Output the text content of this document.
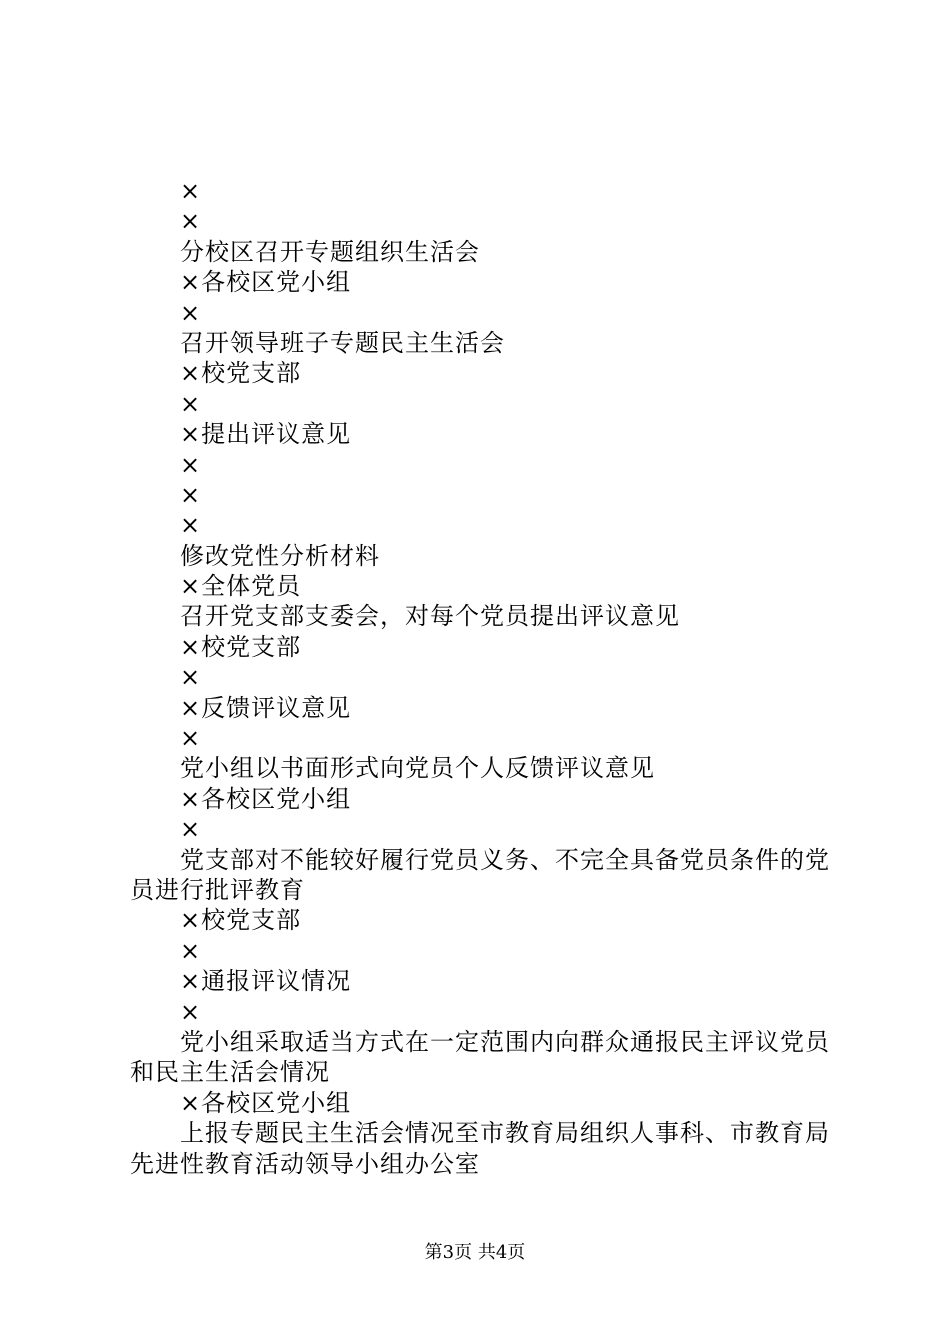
×

×

分校区召开专题组织生活会

×各校区党小组

×

召开领导班子专题民主生活会

×校党支部

×

×提出评议意见

×

×

×

修改党性分析材料

×全体党员

召开党支部支委会，对每个党员提出评议意见

×校党支部

×

×反馈评议意见

×

党小组以书面形式向党员个人反馈评议意见

×各校区党小组

×

党支部对不能较好履行党员义务、不完全具备党员条件的党员进行批评教育

×校党支部

×

×通报评议情况

×

党小组采取适当方式在一定范围内向群众通报民主评议党员和民主生活会情况

×各校区党小组

上报专题民主生活会情况至市教育局组织人事科、市教育局先进性教育活动领导小组办公室

第3页 共4页
